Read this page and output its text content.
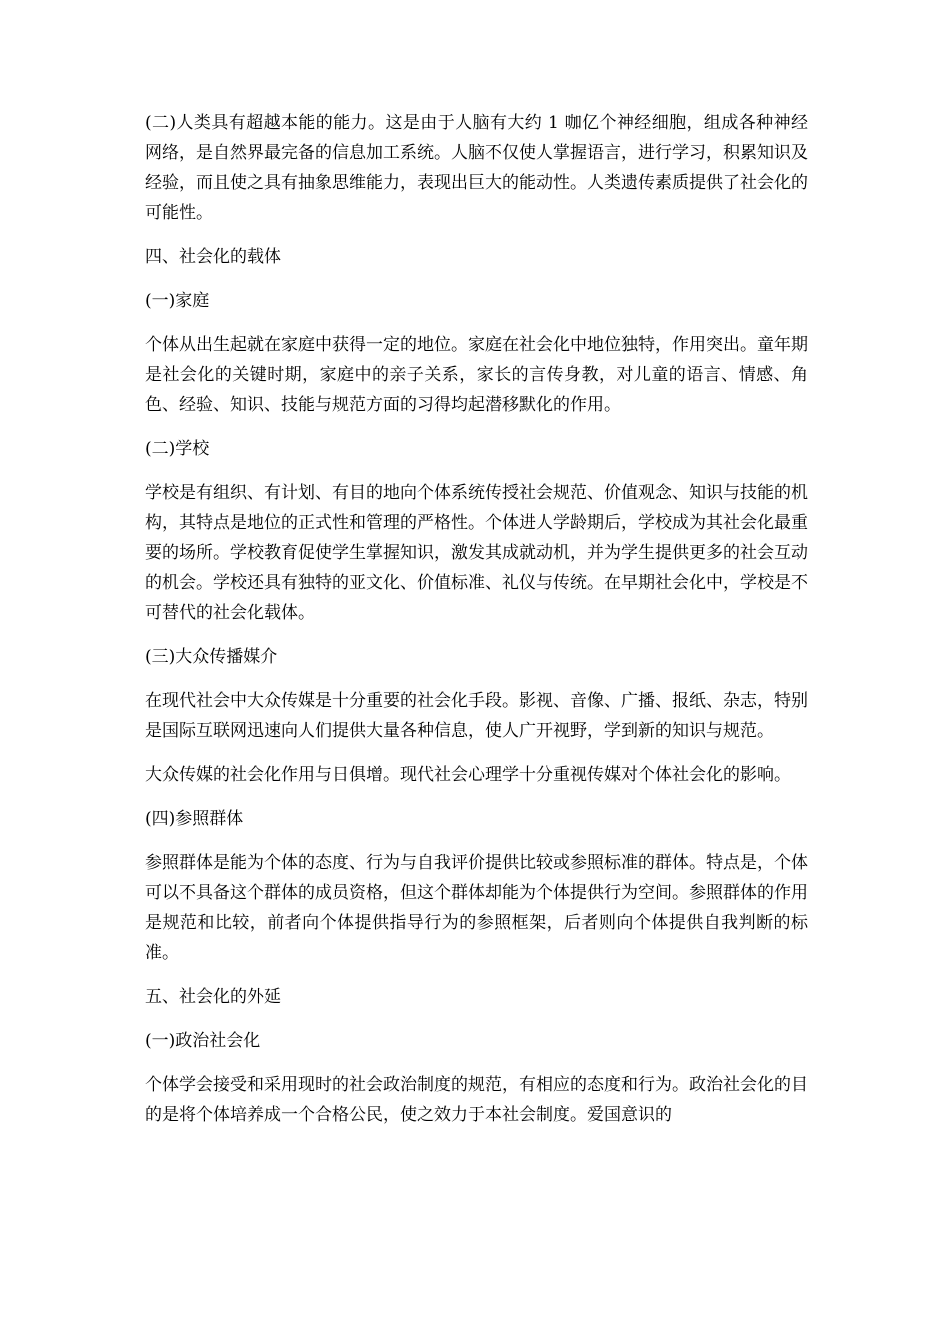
(二)人类具有超越本能的能力。这是由于人脑有大约 1 咖亿个神经细胞，组成各种神经网络，是自然界最完备的信息加工系统。人脑不仅使人掌握语言，进行学习，积累知识及经验，而且使之具有抽象思维能力，表现出巨大的能动性。人类遗传素质提供了社会化的可能性。

四、社会化的载体

(一)家庭

个体从出生起就在家庭中获得一定的地位。家庭在社会化中地位独特，作用突出。童年期是社会化的关键时期，家庭中的亲子关系，家长的言传身教，对儿童的语言、情感、角色、经验、知识、技能与规范方面的习得均起潜移默化的作用。

(二)学校

学校是有组织、有计划、有目的地向个体系统传授社会规范、价值观念、知识与技能的机构，其特点是地位的正式性和管理的严格性。个体进人学龄期后，学校成为其社会化最重要的场所。学校教育促使学生掌握知识，激发其成就动机，并为学生提供更多的社会互动的机会。学校还具有独特的亚文化、价值标准、礼仪与传统。在早期社会化中，学校是不可替代的社会化载体。

(三)大众传播媒介

在现代社会中大众传媒是十分重要的社会化手段。影视、音像、广播、报纸、杂志，特别是国际互联网迅速向人们提供大量各种信息，使人广开视野，学到新的知识与规范。

大众传媒的社会化作用与日俱增。现代社会心理学十分重视传媒对个体社会化的影响。

(四)参照群体

参照群体是能为个体的态度、行为与自我评价提供比较或参照标准的群体。特点是，个体可以不具备这个群体的成员资格，但这个群体却能为个体提供行为空间。参照群体的作用是规范和比较，前者向个体提供指导行为的参照框架，后者则向个体提供自我判断的标准。

五、社会化的外延

(一)政治社会化

个体学会接受和采用现时的社会政治制度的规范，有相应的态度和行为。政治社会化的目的是将个体培养成一个合格公民，使之效力于本社会制度。爱国意识的
